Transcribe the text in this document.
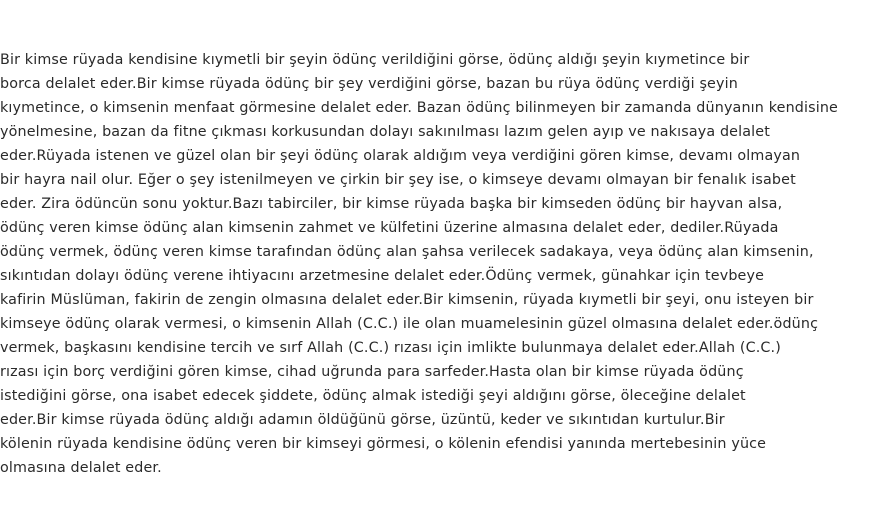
Bir kimse rüyada kendisine kıymetli bir şeyin ödünç verildiğini görse, ödünç aldığı şeyin kıymetince bir
borca delalet eder.Bir kimse rüyada ödünç bir şey verdiğini görse, bazan bu rüya ödünç verdiği şeyin
kıymetince, o kimsenin menfaat görmesine delalet eder. Bazan ödünç bilinmeyen bir zamanda dünyanın kendisine
yönelmesine, bazan da fitne çıkması korkusundan dolayı sakınılması lazım gelen ayıp ve nakısaya delalet
eder.Rüyada istenen ve güzel olan bir şeyi ödünç olarak aldığım veya verdiğini gören kimse, devamı olmayan
bir hayra nail olur. Eğer o şey istenilmeyen ve çirkin bir şey ise, o kimseye devamı olmayan bir fenalık isabet
eder. Zira ödüncün sonu yoktur.Bazı tabirciler, bir kimse rüyada başka bir kimseden ödünç bir hayvan alsa,
ödünç veren kimse ödünç alan kimsenin zahmet ve külfetini üzerine almasına delalet eder, dediler.Rüyada
ödünç vermek, ödünç veren kimse tarafından ödünç alan şahsa verilecek sadakaya, veya ödünç alan kimsenin,
sıkıntıdan dolayı ödünç verene ihtiyacını arzetmesine delalet eder.Ödünç vermek, günahkar için tevbeye
kafirin Müslüman, fakirin de zengin olmasına delalet eder.Bir kimsenin, rüyada kıymetli bir şeyi, onu isteyen bir
kimseye ödünç olarak vermesi, o kimsenin Allah (C.C.) ile olan muamelesinin güzel olmasına delalet eder.ödünç
vermek, başkasını kendisine tercih ve sırf Allah (C.C.) rızası için imlikte bulunmaya delalet eder.Allah (C.C.)
rızası için borç verdiğini gören kimse, cihad uğrunda para sarfeder.Hasta olan bir kimse rüyada ödünç
istediğini görse, ona isabet edecek şiddete, ödünç almak istediği şeyi aldığını görse, öleceğine delalet
eder.Bir kimse rüyada ödünç aldığı adamın öldüğünü görse, üzüntü, keder ve sıkıntıdan kurtulur.Bir
kölenin rüyada kendisine ödünç veren bir kimseyi görmesi, o kölenin efendisi yanında mertebesinin yüce
olmasına delalet eder.
